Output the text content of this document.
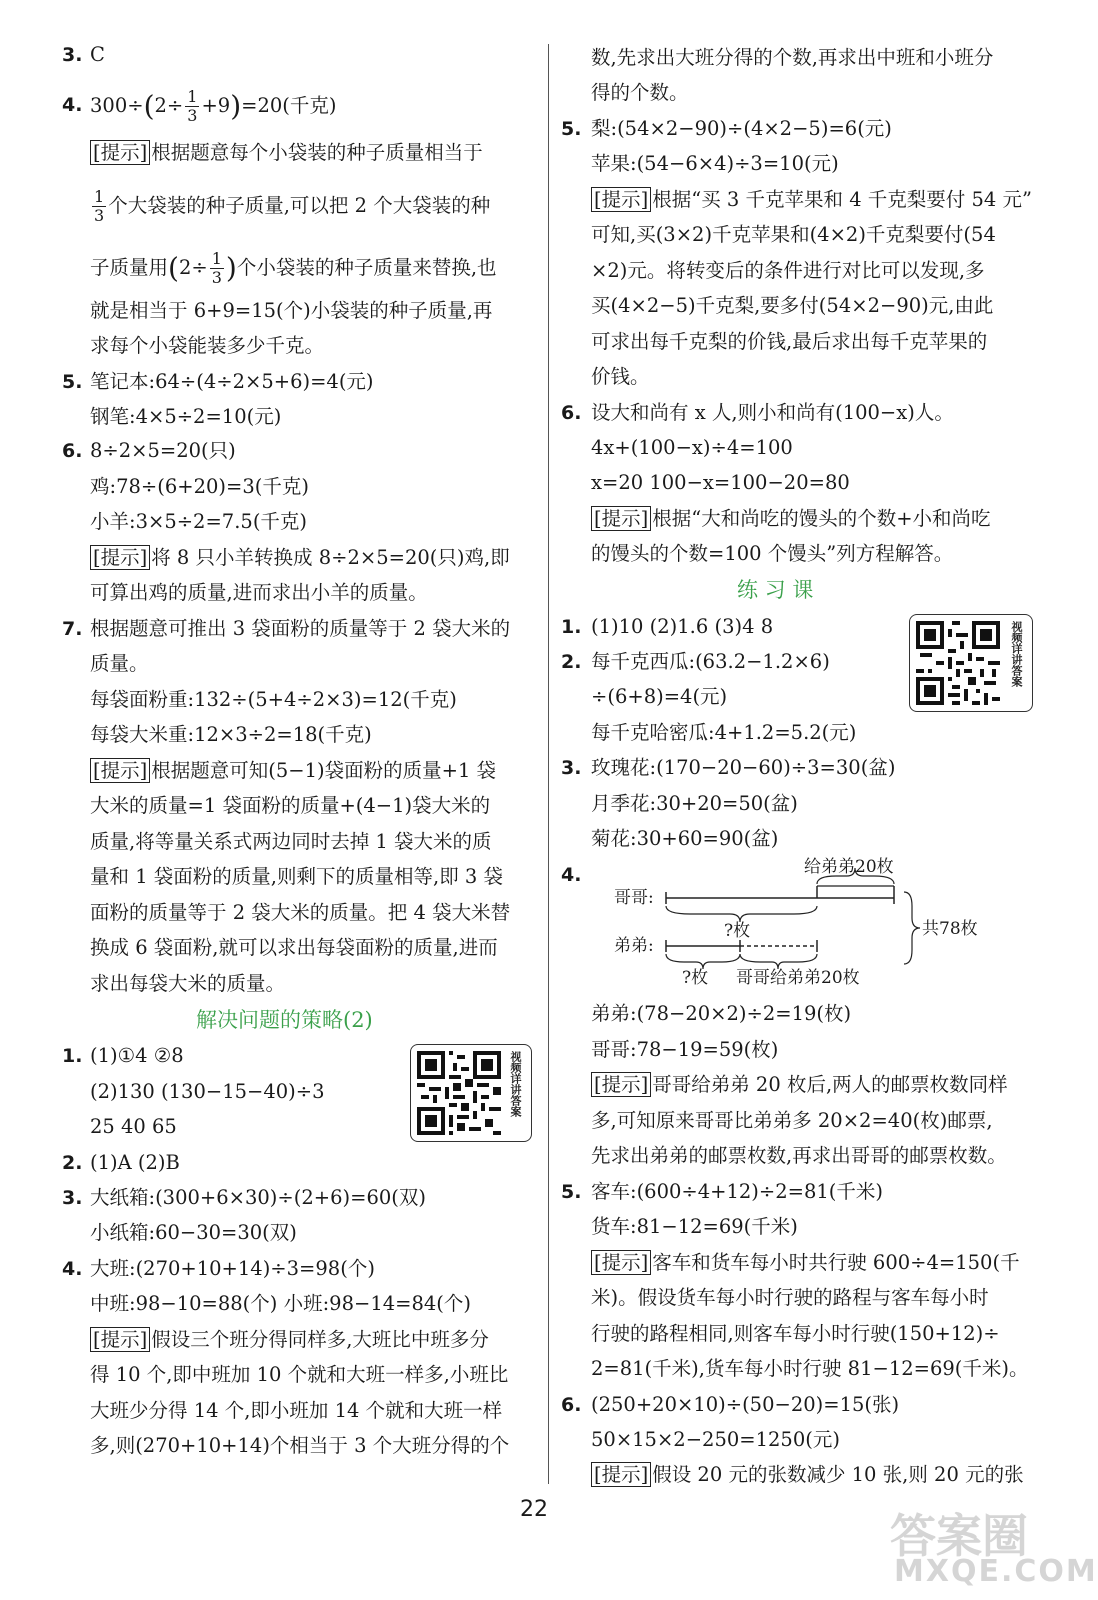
3. C
4. $300\div(2\div \frac{1}{3} +9)=20$(千克)
[提示] 根据题意每个小袋装的种子质量相当于
$\frac{1}{3}$ 个大袋装的种子质量,可以把 2 个大袋装的种
子质量用($2\div \frac{1}{3}$ )个小袋装的种子质量来替换,也
就是相当于 6+9=15(个)小袋装的种子质量,再
求每个小袋能装多少千克。
5. 笔记本:64÷(4÷2×5+6)=4(元)
钢笔:4×5÷2=10(元)
6. 8÷2×5=20(只)
鸡:78÷(6+20)=3(千克)
小羊:3×5÷2=7.5(千克)
[提示] 将 8 只小羊转换成 8÷2×5=20(只)鸡,即
可算出鸡的质量,进而求出小羊的质量。
7. 根据题意可推出 3 袋面粉的质量等于 2 袋大米的
质量。
每袋面粉重:132÷(5+4÷2×3)=12(千克)
每袋大米重:12×3÷2=18(千克)
[提示] 根据题意可知(5−1)袋面粉的质量+1 袋
大米的质量=1 袋面粉的质量+(4−1)袋大米的
质量,将等量关系式两边同时去掉 1 袋大米的质
量和 1 袋面粉的质量,则剩下的质量相等,即 3 袋
面粉的质量等于 2 袋大米的质量。把 4 袋大米替
换成 6 袋面粉,就可以求出每袋面粉的质量,进而
求出每袋大米的质量。
解决问题的策略(2)
1. (1)①4 ②8
(2)130 (130−15−40)÷3
25 40 65
视频详讲答案
2. (1)A (2)B
3. 大纸箱:(300+6×30)÷(2+6)=60(双)
小纸箱:60−30=30(双)
4. 大班:(270+10+14)÷3=98(个)
中班:98−10=88(个) 小班:98−14=84(个)
[提示] 假设三个班分得同样多,大班比中班多分
得 10 个,即中班加 10 个就和大班一样多,小班比
大班少分得 14 个,即小班加 14 个就和大班一样
多,则(270+10+14)个相当于 3 个大班分得的个
数,先求出大班分得的个数,再求出中班和小班分
得的个数。
5. 梨:(54×2−90)÷(4×2−5)=6(元)
苹果:(54−6×4)÷3=10(元)
[提示] 根据“买 3 千克苹果和 4 千克梨要付 54 元”
可知,买(3×2)千克苹果和(4×2)千克梨要付(54
×2)元。将转变后的条件进行对比可以发现,多
买(4×2−5)千克梨,要多付(54×2−90)元,由此
可求出每千克梨的价钱,最后求出每千克苹果的
价钱。
6. 设大和尚有 x 人,则小和尚有(100−x)人。
4x+(100−x)÷4=100
x=20 100−x=100−20=80
[提示] 根据“大和尚吃的馒头的个数+小和尚吃
的馒头的个数=100 个馒头”列方程解答。
练 习 课
1. (1)10 (2)1.6 (3)4 8	视频详讲答案
2. 每千克西瓜:(63.2−1.2×6)
÷(6+8)=4(元)
每千克哈密瓜:4+1.2=5.2(元)
3. 玫瑰花:(170−20−60)÷3=30(盆)
月季花:30+20=50(盆)
菊花:30+60=90(盆)
4.
弟弟:(78−20×2)÷2=19(枚)
哥哥:78−19=59(枚)
[提示] 哥哥给弟弟 20 枚后,两人的邮票枚数同样
多,可知原来哥哥比弟弟多 20×2=40(枚)邮票,
先求出弟弟的邮票枚数,再求出哥哥的邮票枚数。
5. 客车:(600÷4+12)÷2=81(千米)
货车:81−12=69(千米)
[提示] 客车和货车每小时共行驶 600÷4=150(千
米)。假设货车每小时行驶的路程与客车每小时
行驶的路程相同,则客车每小时行驶(150+12)÷
2=81(千米),货车每小时行驶 81−12=69(千米)。
6. (250+20×10)÷(50−20)=15(张)
50×15×2−250=1250(元)
[提示] 假设 20 元的张数减少 10 张,则 20 元的张
哥哥:
弟弟:
给弟弟20枚
?枚
?枚 哥哥给弟弟20枚
共78枚
22	答案圈
MXQE.COM
